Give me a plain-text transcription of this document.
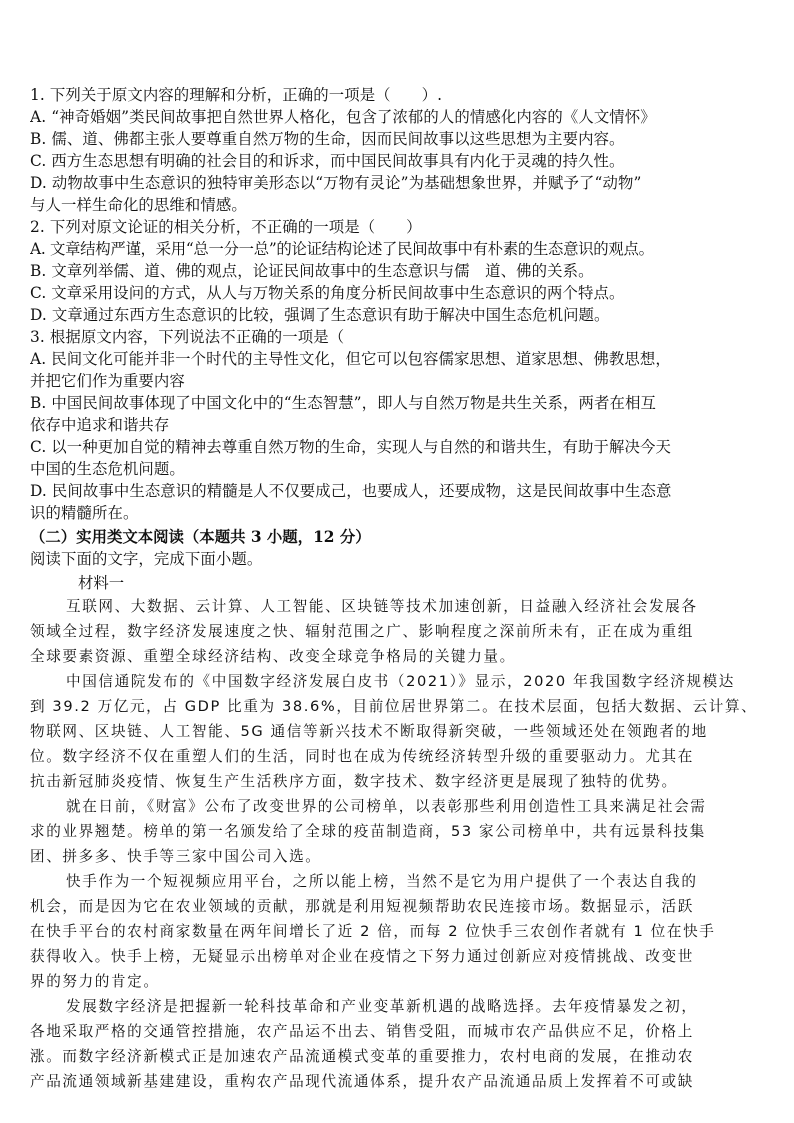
1. 下列关于原文内容的理解和分析，正确的一项是（　　）.
A. “神奇婚姻”类民间故事把自然世界人格化，包含了浓郁的人的情感化内容的《人文情怀》
B. 儒、道、佛都主张人要尊重自然万物的生命，因而民间故事以这些思想为主要内容。
C. 西方生态思想有明确的社会目的和诉求，而中国民间故事具有内化于灵魂的持久性。
D. 动物故事中生态意识的独特审美形态以“万物有灵论”为基础想象世界，并赋予了“动物”
与人一样生命化的思维和情感。
2. 下列对原文论证的相关分析，不正确的一项是（　　）
A. 文章结构严谨，采用“总一分一总”的论证结构论述了民间故事中有朴素的生态意识的观点。
B. 文章列举儒、道、佛的观点，论证民间故事中的生态意识与儒　道、佛的关系。
C. 文章采用设问的方式，从人与万物关系的角度分析民间故事中生态意识的两个特点。
D. 文章通过东西方生态意识的比较，强调了生态意识有助于解决中国生态危机问题。
3. 根据原文内容，下列说法不正确的一项是（
A. 民间文化可能并非一个时代的主导性文化，但它可以包容儒家思想、道家思想、佛教思想，
并把它们作为重要内容
B. 中国民间故事体现了中国文化中的“生态智慧”，即人与自然万物是共生关系，两者在相互
依存中追求和谐共存
C. 以一种更加自觉的精神去尊重自然万物的生命，实现人与自然的和谐共生，有助于解决今天
中国的生态危机问题。
D. 民间故事中生态意识的精髓是人不仅要成己，也要成人，还要成物，这是民间故事中生态意
识的精髓所在。
（二）实用类文本阅读（本题共 3 小题，12 分）
阅读下面的文字，完成下面小题。
材料一
互联网、大数据、云计算、人工智能、区块链等技术加速创新，日益融入经济社会发展各
领域全过程，数字经济发展速度之快、辐射范围之广、影响程度之深前所未有，正在成为重组
全球要素资源、重塑全球经济结构、改变全球竞争格局的关键力量。
中国信通院发布的《中国数字经济发展白皮书（2021）》显示，2020 年我国数字经济规模达
到 39.2 万亿元，占 GDP 比重为 38.6%，目前位居世界第二。在技术层面，包括大数据、云计算、
物联网、区块链、人工智能、5G 通信等新兴技术不断取得新突破，一些领域还处在领跑者的地
位。数字经济不仅在重塑人们的生活，同时也在成为传统经济转型升级的重要驱动力。尤其在
抗击新冠肺炎疫情、恢复生产生活秩序方面，数字技术、数字经济更是展现了独特的优势。
就在日前，《财富》公布了改变世界的公司榜单，以表彰那些利用创造性工具来满足社会需
求的业界翘楚。榜单的第一名颁发给了全球的疫苗制造商，53 家公司榜单中，共有远景科技集
团、拼多多、快手等三家中国公司入选。
快手作为一个短视频应用平台，之所以能上榜，当然不是它为用户提供了一个表达自我的
机会，而是因为它在农业领域的贡献，那就是利用短视频帮助农民连接市场。数据显示，活跃
在快手平台的农村商家数量在两年间增长了近 2 倍，而每 2 位快手三农创作者就有 1 位在快手
获得收入。快手上榜，无疑显示出榜单对企业在疫情之下努力通过创新应对疫情挑战、改变世
界的努力的肯定。
发展数字经济是把握新一轮科技革命和产业变革新机遇的战略选择。去年疫情暴发之初，
各地采取严格的交通管控措施，农产品运不出去、销售受阻，而城市农产品供应不足，价格上
涨。而数字经济新模式正是加速农产品流通模式变革的重要推力，农村电商的发展，在推动农
产品流通领域新基建建设，重构农产品现代流通体系，提升农产品流通品质上发挥着不可或缺
